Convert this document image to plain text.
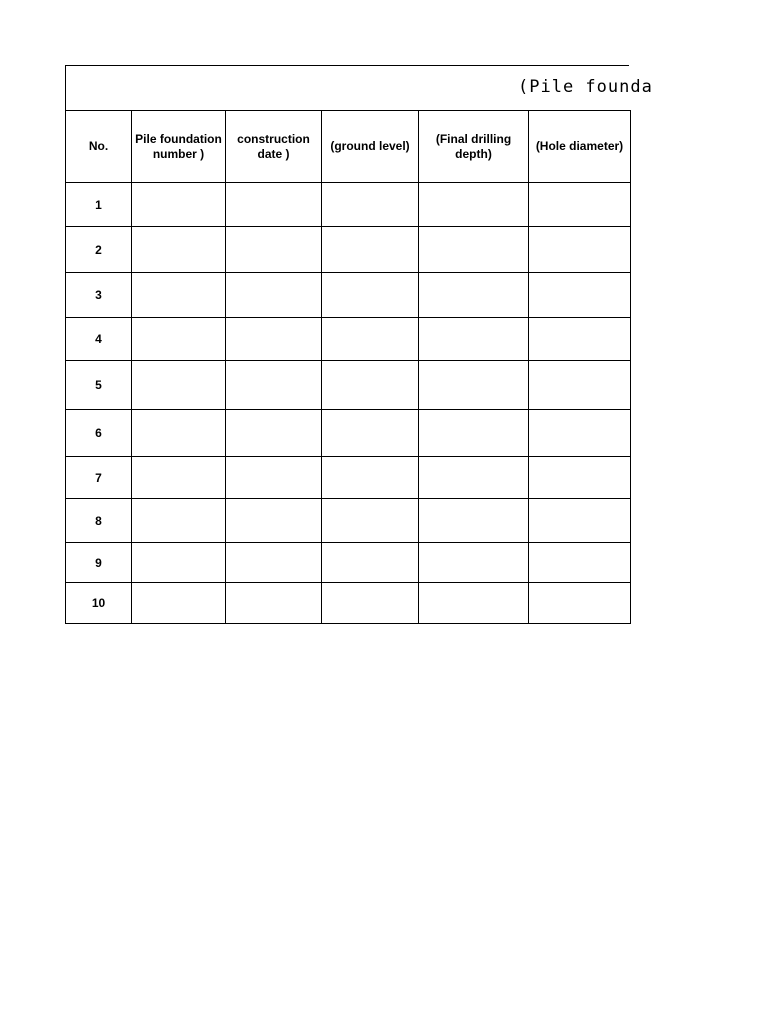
(Pile founda
No.	Pile foundation number )	construction date )	(ground level)	(Final drilling depth)	(Hole diameter)
1					
2					
3					
4					
5					
6					
7					
8					
9					
10					
